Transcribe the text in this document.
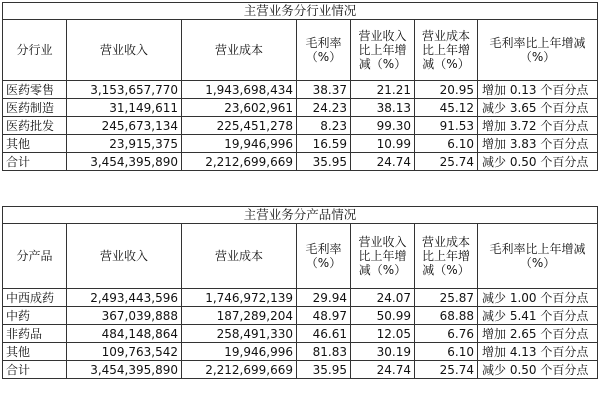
主营业务分行业情况						
分行业	营业收入	营业成本	毛利率（%）	营业收入比上年增减（%）	营业成本比上年增减（%）	毛利率比上年增减（%）
医药零售	3,153,657,770	1,943,698,434	38.37	21.21	20.95	增加 0.13 个百分点
医药制造	31,149,611	23,602,961	24.23	38.13	45.12	减少 3.65 个百分点
医药批发	245,673,134	225,451,278	8.23	99.30	91.53	增加 3.72 个百分点
其他	23,915,375	19,946,996	16.59	10.99	6.10	增加 3.83 个百分点
合计	3,454,395,890	2,212,699,669	35.95	24.74	25.74	减少 0.50 个百分点
主营业务分产品情况						
分产品	营业收入	营业成本	毛利率（%）	营业收入比上年增减（%）	营业成本比上年增减（%）	毛利率比上年增减（%）
中西成药	2,493,443,596	1,746,972,139	29.94	24.07	25.87	减少 1.00 个百分点
中药	367,039,888	187,289,204	48.97	50.99	68.88	减少 5.41 个百分点
非药品	484,148,864	258,491,330	46.61	12.05	6.76	增加 2.65 个百分点
其他	109,763,542	19,946,996	81.83	30.19	6.10	增加 4.13 个百分点
合计	3,454,395,890	2,212,699,669	35.95	24.74	25.74	减少 0.50 个百分点
